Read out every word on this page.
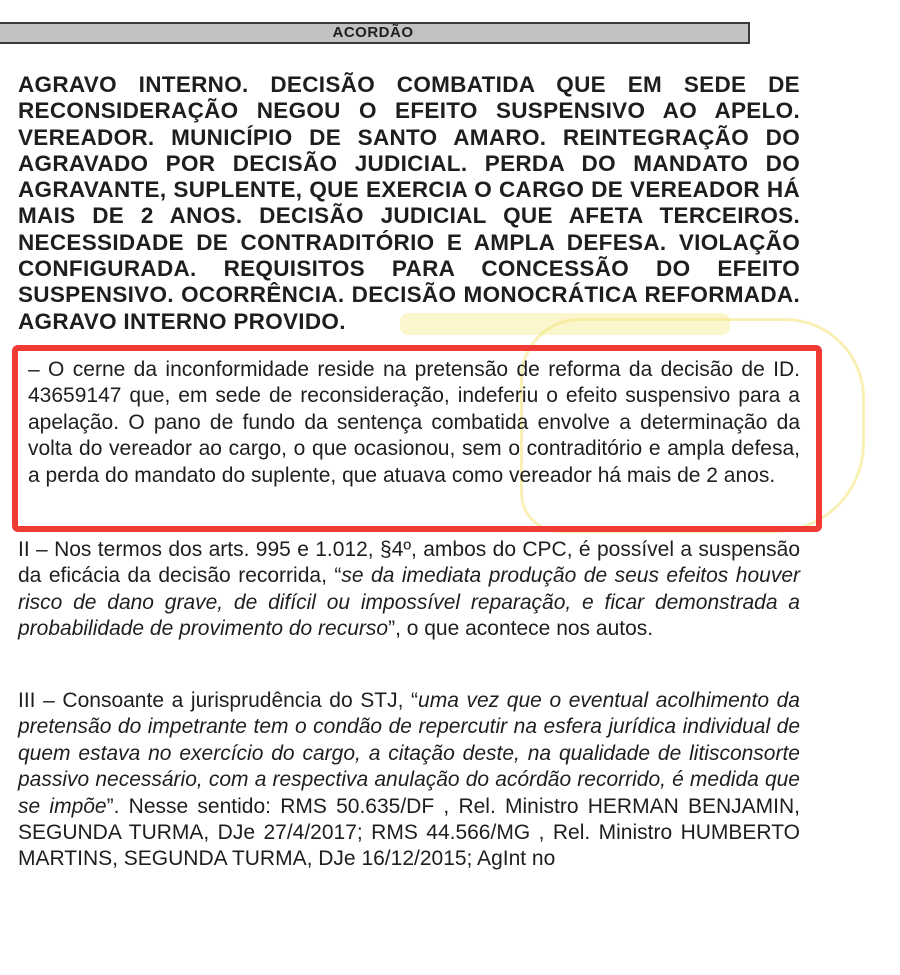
ACORDÃO
AGRAVO INTERNO. DECISÃO COMBATIDA QUE EM SEDE DE RECONSIDERAÇÃO NEGOU O EFEITO SUSPENSIVO AO APELO. VEREADOR. MUNICÍPIO DE SANTO AMARO. REINTEGRAÇÃO DO AGRAVADO POR DECISÃO JUDICIAL. PERDA DO MANDATO DO AGRAVANTE, SUPLENTE, QUE EXERCIA O CARGO DE VEREADOR HÁ MAIS DE 2 ANOS. DECISÃO JUDICIAL QUE AFETA TERCEIROS. NECESSIDADE DE CONTRADITÓRIO E AMPLA DEFESA. VIOLAÇÃO CONFIGURADA. REQUISITOS PARA CONCESSÃO DO EFEITO SUSPENSIVO. OCORRÊNCIA. DECISÃO MONOCRÁTICA REFORMADA. AGRAVO INTERNO PROVIDO.
– O cerne da inconformidade reside na pretensão de reforma da decisão de ID. 43659147 que, em sede de reconsideração, indeferiu o efeito suspensivo para a apelação. O pano de fundo da sentença combatida envolve a determinação da volta do vereador ao cargo, o que ocasionou, sem o contraditório e ampla defesa, a perda do mandato do suplente, que atuava como vereador há mais de 2 anos.
II – Nos termos dos arts. 995 e 1.012, §4º, ambos do CPC, é possível a suspensão da eficácia da decisão recorrida, “se da imediata produção de seus efeitos houver risco de dano grave, de difícil ou impossível reparação, e ficar demonstrada a probabilidade de provimento do recurso”, o que acontece nos autos.
III – Consoante a jurisprudência do STJ, “uma vez que o eventual acolhimento da pretensão do impetrante tem o condão de repercutir na esfera jurídica individual de quem estava no exercício do cargo, a citação deste, na qualidade de litisconsorte passivo necessário, com a respectiva anulação do acórdão recorrido, é medida que se impõe”. Nesse sentido: RMS 50.635/DF , Rel. Ministro HERMAN BENJAMIN, SEGUNDA TURMA, DJe 27/4/2017; RMS 44.566/MG , Rel. Ministro HUMBERTO MARTINS, SEGUNDA TURMA, DJe 16/12/2015; AgInt no
